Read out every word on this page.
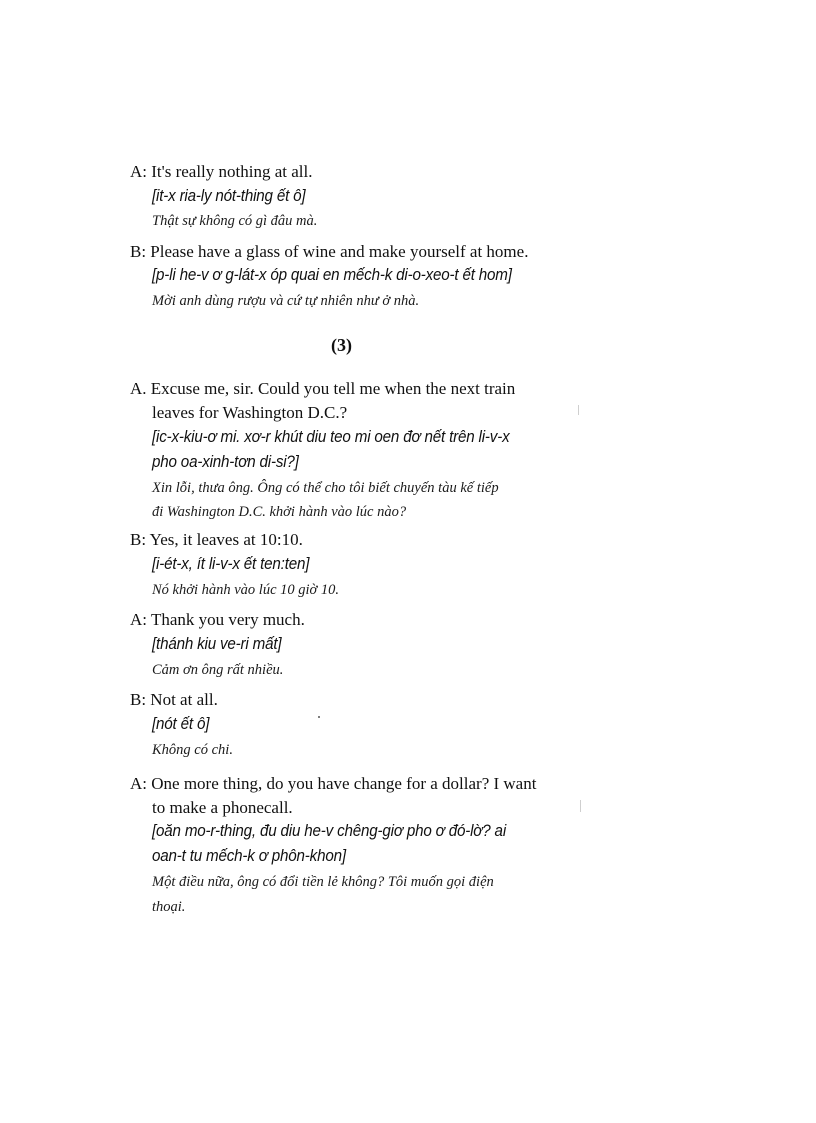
A: It's really nothing at all.
[it-x ria-ly nót-thing ết ô]
Thật sự không có gì đâu mà.
B: Please have a glass of wine and make yourself at home.
[p-li he-v ơ g-lát-x óp quai en mếch-k di-o-xeo-t ết hom]
Mời anh dùng rượu và cứ tự nhiên như ở nhà.
(3)
A. Excuse me, sir. Could you tell me when the next train
leaves for Washington D.C.?
[ic-x-kiu-ơ mi. xơ-r khút diu teo mi oen đơ nết trên li-v-x
pho oa-xinh-tơn di-si?]
Xin lỗi, thưa ông. Ông có thể cho tôi biết chuyến tàu kế tiếp
đi Washington D.C. khởi hành vào lúc nào?
B: Yes, it leaves at 10:10.
[i-ét-x, ít li-v-x ết ten:ten]
Nó khởi hành vào lúc 10 giờ 10.
A: Thank you very much.
[thánh kiu ve-ri mất]
Cảm ơn ông rất nhiều.
B: Not at all.
[nót ết ô]
Không có chi.
A: One more thing, do you have change for a dollar? I want
to make a phonecall.
[oăn mo-r-thing, đu diu he-v chêng-giơ pho ơ đó-lờ? ai
oan-t tu mếch-k ơ phôn-khon]
Một điều nữa, ông có đổi tiền lẻ không? Tôi muốn gọi điện
thoại.
